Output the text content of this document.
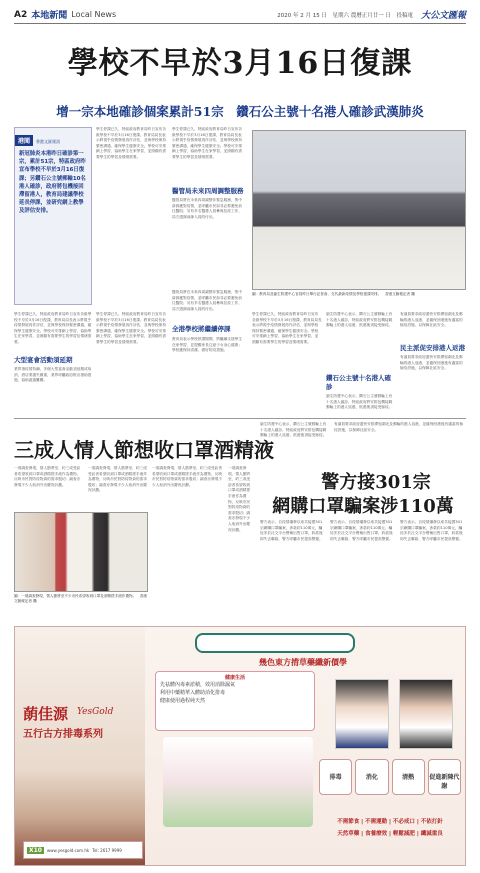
A2 本地新聞 Local News	2020 年 2 月 15 日　星期六 農曆正月廿一 日　投稿電 大公文匯報
學校不早於3月16日復課
增一宗本地確診個案累計51宗　鑽石公主號十名港人確診武漢肺炎
港聞 香港文匯報訊
新冠肺炎本港昨日確診第一宗，累計51宗，特區政府昨宣布學校不早於3月16日復課；另鑽石公主號郵輪10名港人確診，政府將包機接回滯留港人，教育局建議學校延長停課，並研究網上教學及評估安排。
學生停課已久，特區政府教育局昨日宣布各級學校不早於3月16日復課，教育局局長表示將視乎疫情發展再作評估，並與學校保持緊密溝通，確保學生健康安全。學校可安排網上學習，協助學生在家學習，並照顧有需要學生的學習及情緒需要。
學生停課已久，特區政府教育局昨日宣布各級學校不早於3月16日復課，教育局局長表示將視乎疫情發展再作評估，並與學校保持緊密溝通，確保學生健康安全。學校可安排網上學習，協助學生在家學習，並照顧有需要學生的學習及情緒需要。
醫管局未來四周調整服務
醫管局將在未來四周調整非緊急服務，集中資源應對疫情，並呼籲市民如非必要避免前往醫院；另有多名醫護人員參與抗疫工作，局方感謝前線人員的付出。
圖：教育局及衞生防護中心官員昨日舉行記者會，交代最新疫情及學校復課安排。　香港文匯報記者 攝
學生停課已久，特區政府教育局昨日宣布各級學校不早於3月16日復課，教育局局長表示將視乎疫情發展再作評估，並與學校保持緊密溝通，確保學生健康安全。學校可安排網上學習，協助學生在家學習，並照顧有需要學生的學習及情緒需要。
大型宴會活動須延期
業界指疫情持續，多個大型宴會活動須延期或取消，酒店業損失嚴重，業界呼籲政府推出援助措施，協助渡過難關。
學生停課已久，特區政府教育局昨日宣布各級學校不早於3月16日復課，教育局局長表示將視乎疫情發展再作評估，並與學校保持緊密溝通，確保學生健康安全。學校可安排網上學習，協助學生在家學習，並照顧有需要學生的學習及情緒需要。
醫管局將在未來四周調整非緊急服務，集中資源應對疫情，並呼籲市民如非必要避免前往醫院；另有多名醫護人員參與抗疫工作，局方感謝前線人員的付出。
全港學校將繼續停課
教育局表示學校停課期間，將繼續支援學生在家學習，並提醒家長注意子女身心健康；學校應保持清潔，做好防疫措施。
學生停課已久，特區政府教育局昨日宣布各級學校不早於3月16日復課，教育局局長表示將視乎疫情發展再作評估，並與學校保持緊密溝通，確保學生健康安全。學校可安排網上學習，協助學生在家學習，並照顧有需要學生的學習及情緒需要。
衞生防護中心表示，鑽石公主號郵輪上有十名港人確診，特區政府將安排包機接載郵輪上的港人返港，抵港後須接受檢疫。
鑽石公主號十名港人確診
衞生防護中心表示，鑽石公主號郵輪上有十名港人確診，特區政府將安排包機接載郵輪上的港人返港，抵港後須接受檢疫。
有議員要求政府盡快安排滯留湖北及郵輪的港人返港，並確保回港後有適當的檢疫設施，以保障社區安全。
民主派促安排港人返港
有議員要求政府盡快安排滯留湖北及郵輪的港人返港，並確保回港後有適當的檢疫設施，以保障社區安全。
三成人情人節想收口罩酒精液
一項調查發現，情人節將至，約三成受訪者希望收到口罩或酒精搓手液作為禮物，反映市民對防疫物資的需求殷切；調查亦發現不少人取消外出慶祝計劃。
一項調查發現，情人節將至，約三成受訪者希望收到口罩或酒精搓手液作為禮物，反映市民對防疫物資的需求殷切；調查亦發現不少人取消外出慶祝計劃。
圖：一項調查發現，情人節將至不少市民希望收到口罩及酒精搓手液作禮物。　香港文匯報記者 攝
一項調查發現，情人節將至，約三成受訪者希望收到口罩或酒精搓手液作為禮物，反映市民對防疫物資的需求殷切；調查亦發現不少人取消外出慶祝計劃。
一項調查發現，情人節將至，約三成受訪者希望收到口罩或酒精搓手液作為禮物，反映市民對防疫物資的需求殷切；調查亦發現不少人取消外出慶祝計劃。
衞生防護中心表示，鑽石公主號郵輪上有十名港人確診，特區政府將安排包機接載郵輪上的港人返港，抵港後須接受檢疫。
有議員要求政府盡快安排滯留湖北及郵輪的港人返港，並確保回港後有適當的檢疫設施，以保障社區安全。
警方接301宗
網購口罩騙案涉110萬
警方表示，自疫情爆發以來共接獲301宗網購口罩騙案，涉款約110萬元，騙徒多於社交平台聲稱出售口罩，收款後即失去聯絡，警方呼籲市民提高警覺。
警方表示，自疫情爆發以來共接獲301宗網購口罩騙案，涉款約110萬元，騙徒多於社交平台聲稱出售口罩，收款後即失去聯絡，警方呼籲市民提高警覺。
警方表示，自疫情爆發以來共接獲301宗網購口罩騙案，涉款約110萬元，騙徒多於社交平台聲稱出售口罩，收款後即失去聯絡，警方呼籲市民提高警覺。
蓢佳源 YesGold
五行古方排毒系列
X10	www.yesgold.com.hk Tel: 2617 9999
幾色東方揹草藥纖新價學
健康生活
先祛體內毒素淤積，效用消除濕氣
利用中藥精華入體助消化排毒
健康使用過程純天然
排毒	消化	清熱	促進新陳代謝
不需節食 | 不需運動 | 不必戒口 | 不依打針
天然草藥 | 食養療效 | 輕鬆減肥 | 纖減重良
